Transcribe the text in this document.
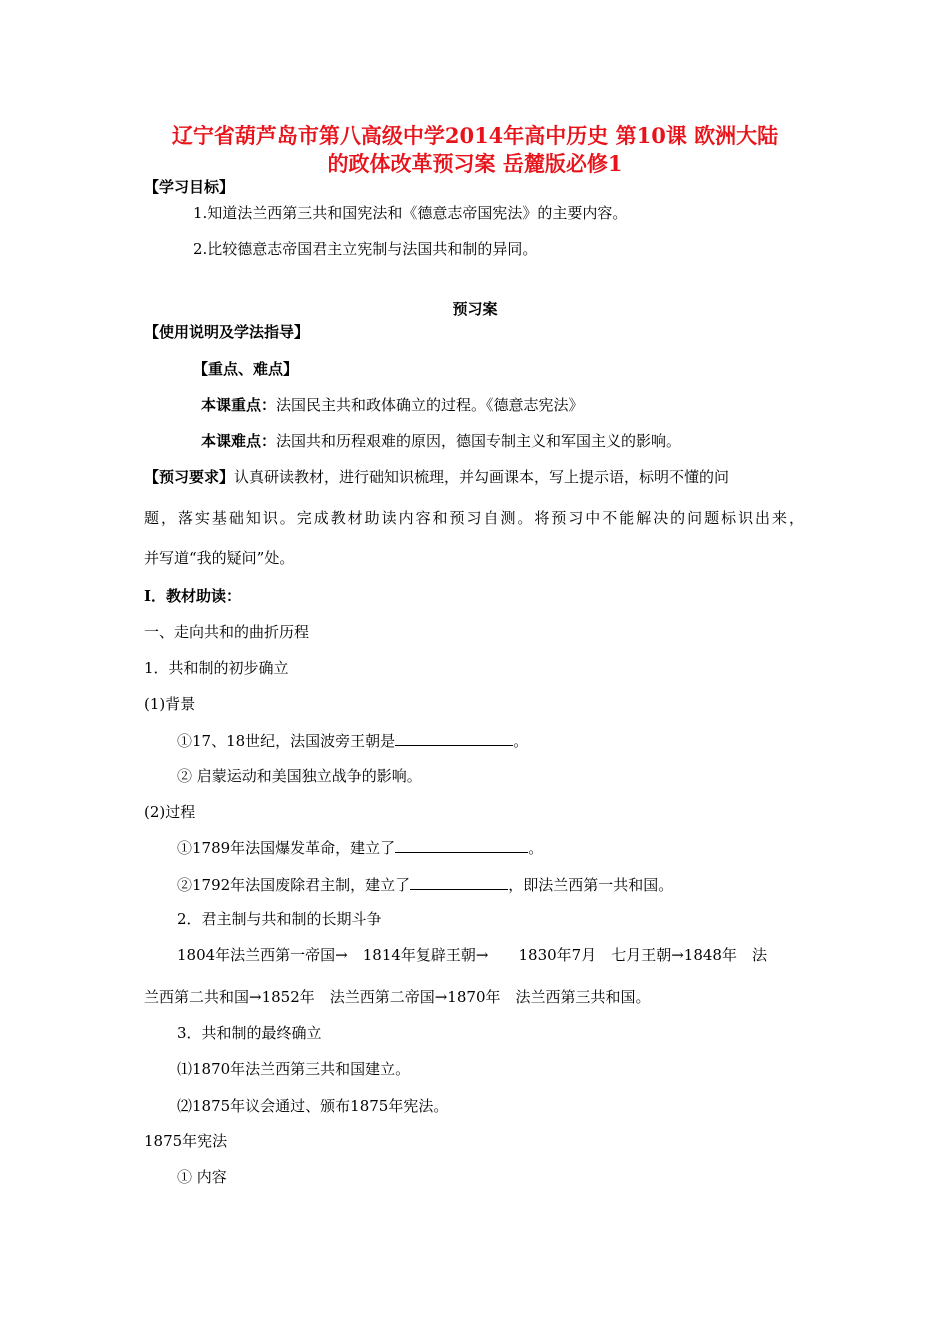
辽宁省葫芦岛市第八高级中学2014年高中历史 第10课 欧洲大陆
的政体改革预习案 岳麓版必修1
【学习目标】
1.知道法兰西第三共和国宪法和《德意志帝国宪法》的主要内容。
2.比较德意志帝国君主立宪制与法国共和制的异同。
预习案
【使用说明及学法指导】
【重点、难点】
本课重点：法国民主共和政体确立的过程。《德意志宪法》
本课难点：法国共和历程艰难的原因，德国专制主义和军国主义的影响。
【预习要求】认真研读教材，进行础知识梳理，并勾画课本，写上提示语，标明不懂的问
题，落实基础知识。完成教材助读内容和预习自测。将预习中不能解决的问题标识出来，
并写道“我的疑问”处。
Ⅰ．教材助读：
一、走向共和的曲折历程
1．共和制的初步确立
(1)背景
①17、18世纪，法国波旁王朝是	。
② 启蒙运动和美国独立战争的影响。
(2)过程
①1789年法国爆发革命，建立了	。
②1792年法国废除君主制，建立了	，即法兰西第一共和国。
2．君主制与共和制的长期斗争
1804年法兰西第一帝国→　1814年复辟王朝→　　1830年7月　七月王朝→1848年　法
兰西第二共和国→1852年　法兰西第二帝国→1870年　法兰西第三共和国。
3．共和制的最终确立
⑴1870年法兰西第三共和国建立。
⑵1875年议会通过、颁布1875年宪法。
1875年宪法
① 内容
